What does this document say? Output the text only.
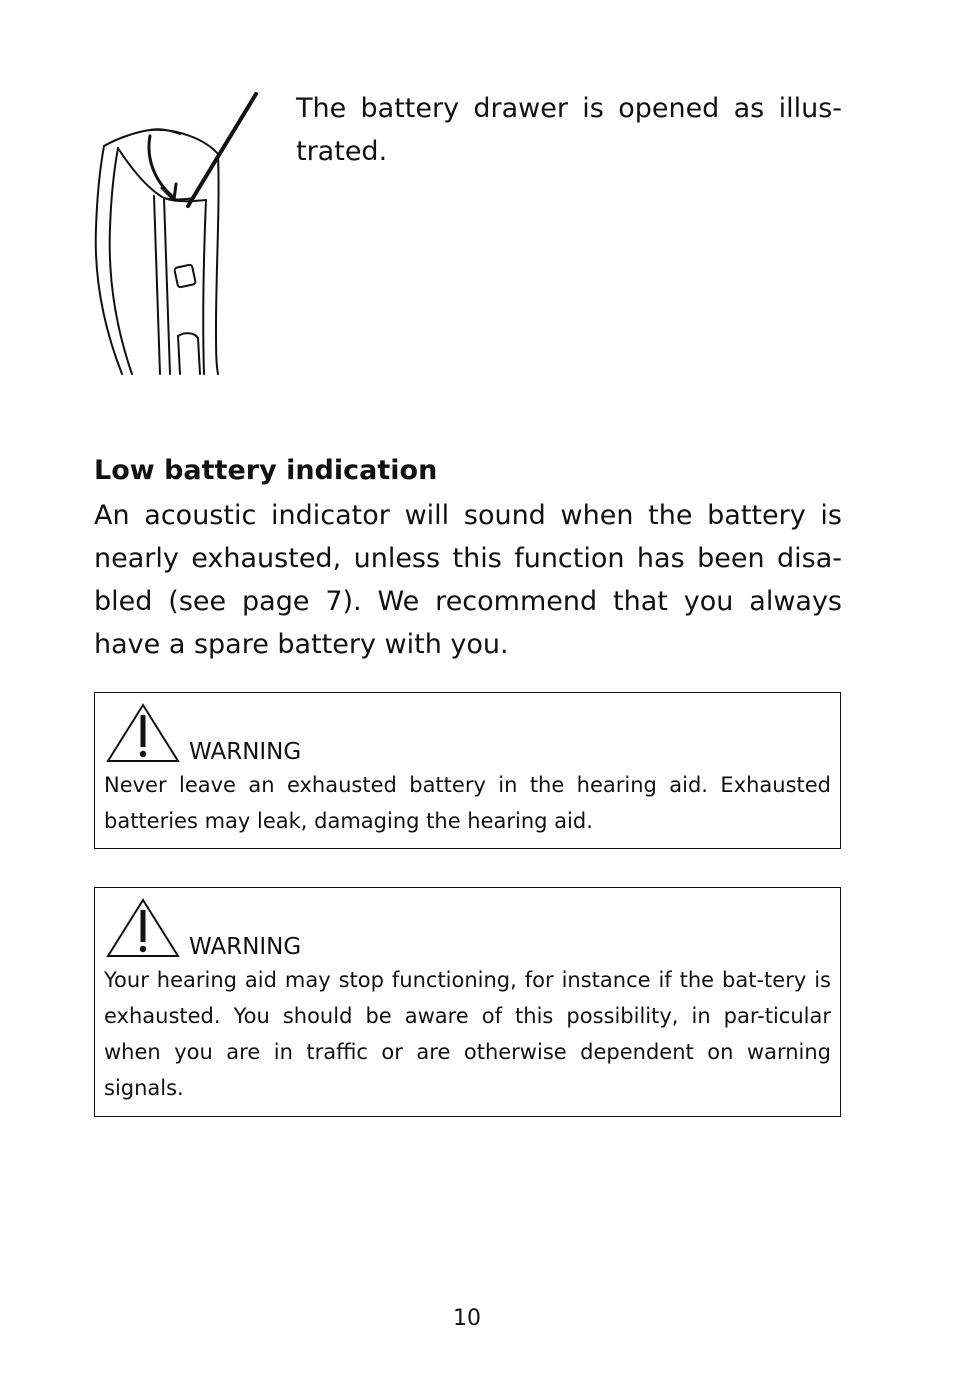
The battery drawer is opened as illus-trated.

Low battery indication

An acoustic indicator will sound when the battery is nearly exhausted, unless this function has been disa-bled (see page 7). We recommend that you always have a spare battery with you.

WARNING

Never leave an exhausted battery in the hearing aid. Exhausted batteries may leak, damaging the hearing aid.

WARNING

Your hearing aid may stop functioning, for instance if the bat-tery is exhausted. You should be aware of this possibility, in par-ticular when you are in traffic or are otherwise dependent on warning signals.

10
